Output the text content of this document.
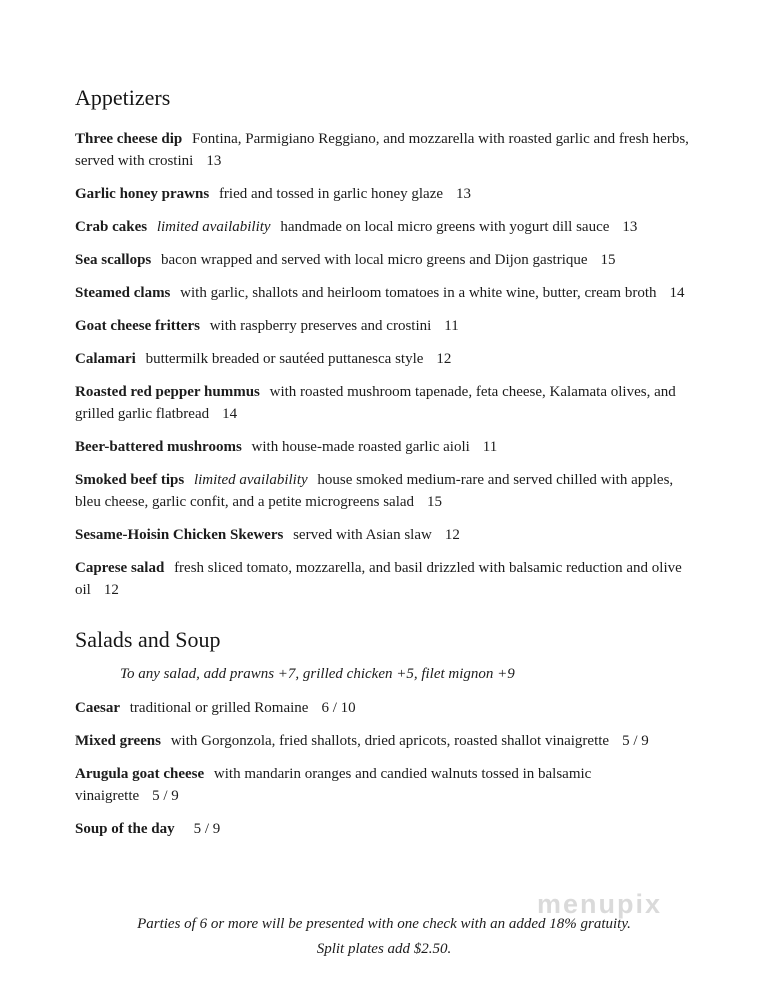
Appetizers

Three cheese dip Fontina, Parmigiano Reggiano, and mozzarella with roasted garlic and fresh herbs, served with crostini 13

Garlic honey prawns fried and tossed in garlic honey glaze 13

Crab cakes limited availability handmade on local micro greens with yogurt dill sauce 13

Sea scallops bacon wrapped and served with local micro greens and Dijon gastrique 15

Steamed clams with garlic, shallots and heirloom tomatoes in a white wine, butter, cream broth 14

Goat cheese fritters with raspberry preserves and crostini 11

Calamari buttermilk breaded or sautéed puttanesca style 12

Roasted red pepper hummus with roasted mushroom tapenade, feta cheese, Kalamata olives, and grilled garlic flatbread 14

Beer-battered mushrooms with house-made roasted garlic aioli 11

Smoked beef tips limited availability house smoked medium-rare and served chilled with apples, bleu cheese, garlic confit, and a petite microgreens salad 15

Sesame-Hoisin Chicken Skewers served with Asian slaw 12

Caprese salad fresh sliced tomato, mozzarella, and basil drizzled with balsamic reduction and olive oil 12

Salads and Soup

To any salad, add prawns +7, grilled chicken +5, filet mignon +9

Caesar traditional or grilled Romaine 6 / 10

Mixed greens with Gorgonzola, fried shallots, dried apricots, roasted shallot vinaigrette 5 / 9

Arugula goat cheese with mandarin oranges and candied walnuts tossed in balsamic vinaigrette 5 / 9

Soup of the day 5 / 9

Parties of 6 or more will be presented with one check with an added 18% gratuity.

Split plates add $2.50.

menupix
